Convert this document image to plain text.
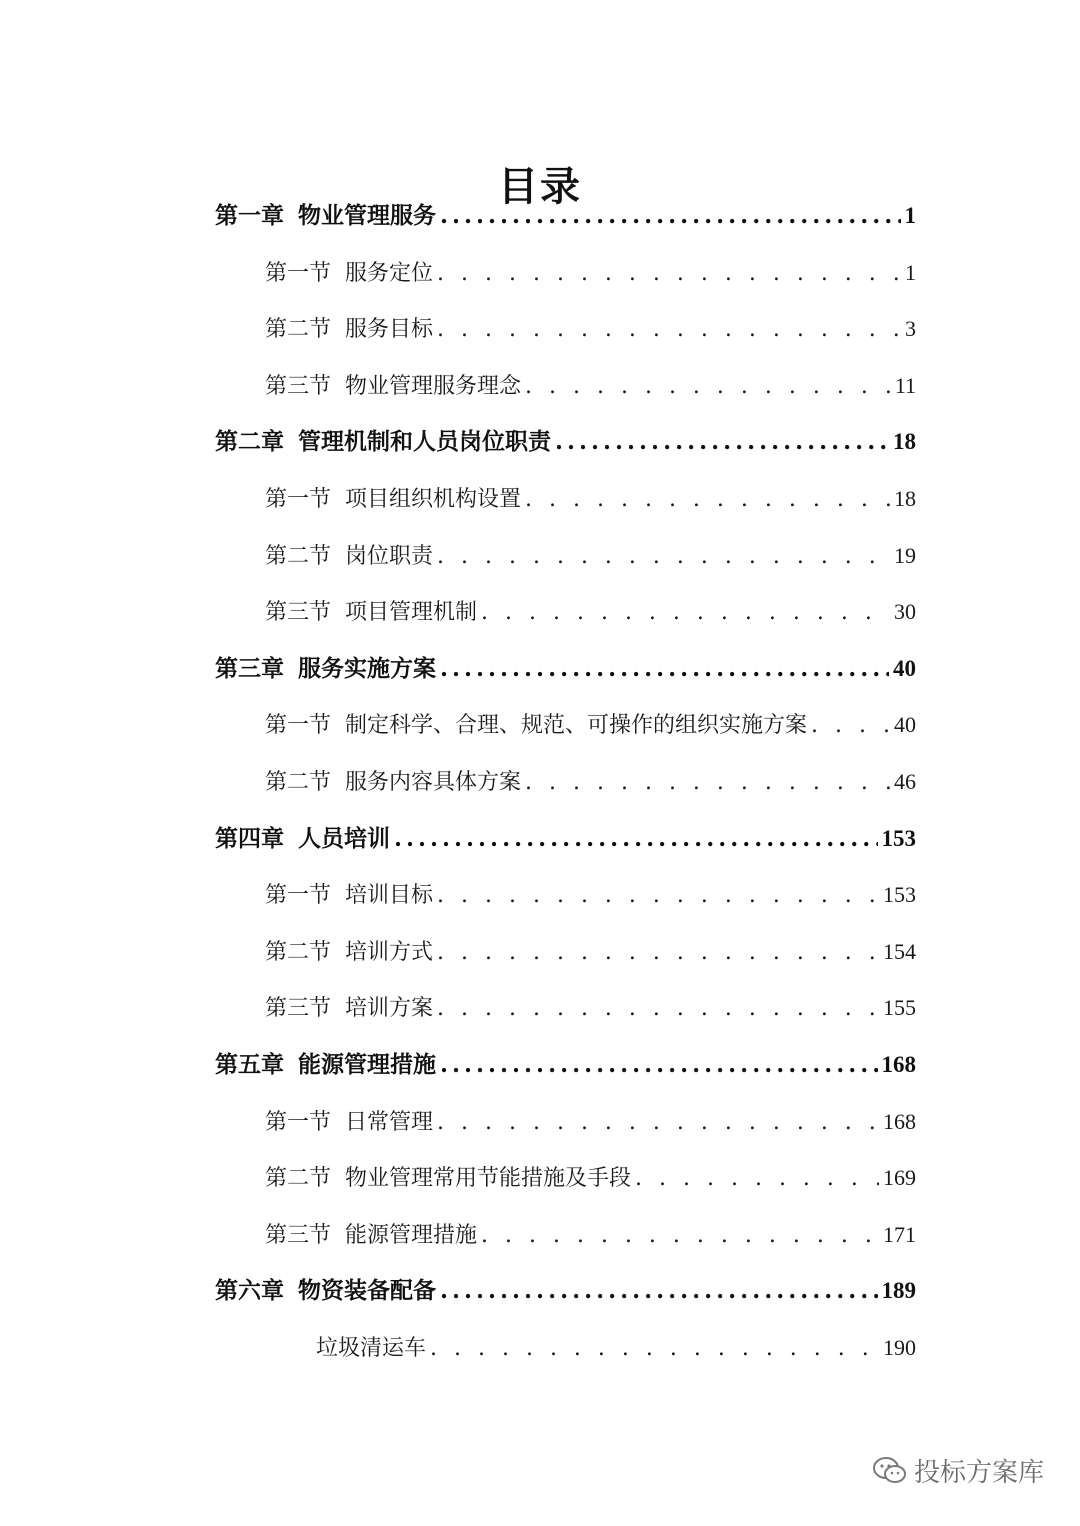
目录
第一章 物业管理服务 .....	1
第一节 服务定位 . . .	1
第二节 服务目标 . . .	3
第三节 物业管理服务理念 . . .	11
第二章 管理机制和人员岗位职责 .....	18
第一节 项目组织机构设置 . . .	18
第二节 岗位职责 . . .	19
第三节 项目管理机制 . . .	30
第三章 服务实施方案 .....	40
第一节 制定科学、合理、规范、可操作的组织实施方案 . . .	40
第二节 服务内容具体方案 . . .	46
第四章 人员培训 .....	153
第一节 培训目标 . . .	153
第二节 培训方式 . . .	154
第三节 培训方案 . . .	155
第五章 能源管理措施 .....	168
第一节 日常管理 . . .	168
第二节 物业管理常用节能措施及手段 . . .	169
第三节 能源管理措施 . . .	171
第六章 物资装备配备 .....	189
垃圾清运车 . . .	190
投标方案库
